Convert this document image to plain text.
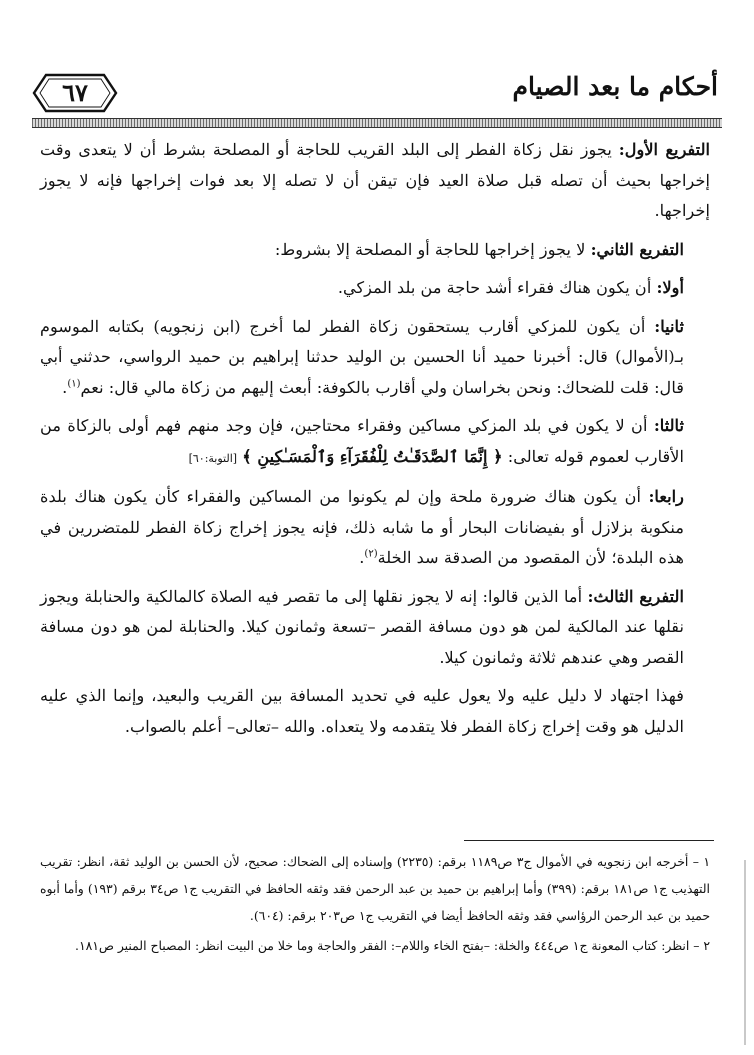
٦٧	أحكام ما بعد الصيام

التفريع الأول: يجوز نقل زكاة الفطر إلى البلد القريب للحاجة أو المصلحة بشرط أن لا يتعدى وقت إخراجها بحيث أن تصله قبل صلاة العيد فإن تيقن أن لا تصله إلا بعد فوات إخراجها فإنه لا يجوز إخراجها.

التفريع الثاني: لا يجوز إخراجها للحاجة أو المصلحة إلا بشروط:

أولا: أن يكون هناك فقراء أشد حاجة من بلد المزكي.

ثانيا: أن يكون للمزكي أقارب يستحقون زكاة الفطر لما أخرج (ابن زنجويه) بكتابه الموسوم بـ(الأموال) قال: أخبرنا حميد أنا الحسين بن الوليد حدثنا إبراهيم بن حميد الرواسي، حدثني أبي قال: قلت للضحاك: ونحن بخراسان ولي أقارب بالكوفة: أبعث إليهم من زكاة مالي قال: نعم$^{(١)}$.

ثالثا: أن لا يكون في بلد المزكي مساكين وفقراء محتاجين، فإن وجد منهم فهم أولى بالزكاة من الأقارب لعموم قوله تعالى: ﴿ إِنَّمَا ٱلصَّدَقَـٰتُ لِلْفُقَرَآءِ وَٱلْمَسَـٰكِينِ ﴾ [التوبة:٦٠]

رابعا: أن يكون هناك ضرورة ملحة وإن لم يكونوا من المساكين والفقراء كأن يكون هناك بلدة منكوبة بزلازل أو بفيضانات البحار أو ما شابه ذلك، فإنه يجوز إخراج زكاة الفطر للمتضررين في هذه البلدة؛ لأن المقصود من الصدقة سد الخلة$^{(٢)}$.

التفريع الثالث: أما الذين قالوا: إنه لا يجوز نقلها إلى ما تقصر فيه الصلاة كالمالكية والحنابلة ويجوز نقلها عند المالكية لمن هو دون مسافة القصر –تسعة وثمانون كيلا. والحنابلة لمن هو دون مسافة القصر وهي عندهم ثلاثة وثمانون كيلا.

فهذا اجتهاد لا دليل عليه ولا يعول عليه في تحديد المسافة بين القريب والبعيد، وإنما الذي عليه الدليل هو وقت إخراج زكاة الفطر فلا يتقدمه ولا يتعداه. والله –تعالى– أعلم بالصواب.

١ – أخرجه ابن زنجويه في الأموال ج٣ ص١١٨٩ برقم: (٢٢٣٥) وإسناده إلى الضحاك: صحيح، لأن الحسن بن الوليد ثقة، انظر: تقريب التهذيب ج١ ص١٨١ برقم: (٣٩٩) وأما إبراهيم بن حميد بن عبد الرحمن فقد وثقه الحافظ في التقريب ج١ ص٣٤ برقم (١٩٣) وأما أبوه حميد بن عبد الرحمن الرؤاسي فقد وثقه الحافظ أيضا في التقريب ج١ ص٢٠٣ برقم: (٦٠٤).

٢ – انظر: كتاب المعونة ج١ ص٤٤٤ والخلة: –بفتح الخاء واللام–: الفقر والحاجة وما خلا من البيت انظر: المصباح المنير ص١٨١.
